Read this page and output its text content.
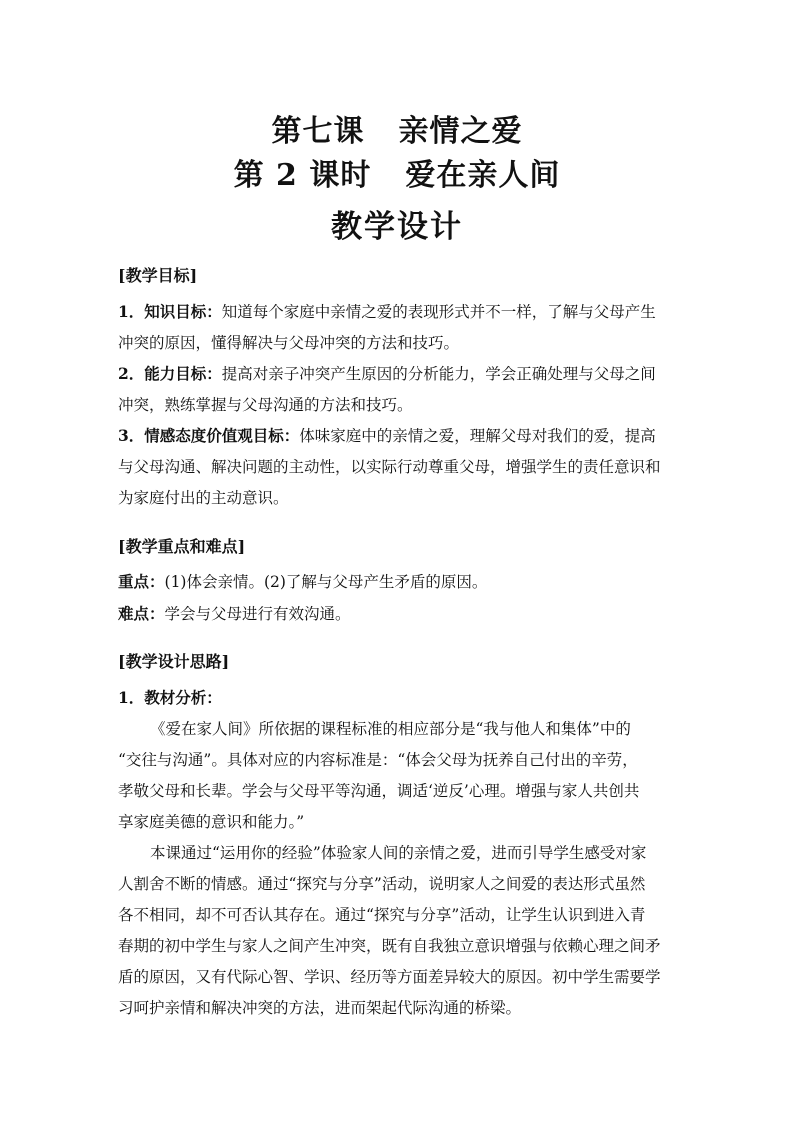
第七课 亲情之爱
第 2 课时 爱在亲人间
教学设计
[教学目标]
1．知识目标：知道每个家庭中亲情之爱的表现形式并不一样，了解与父母产生
冲突的原因，懂得解决与父母冲突的方法和技巧。
2．能力目标：提高对亲子冲突产生原因的分析能力，学会正确处理与父母之间
冲突，熟练掌握与父母沟通的方法和技巧。
3．情感态度价值观目标：体味家庭中的亲情之爱，理解父母对我们的爱，提高
与父母沟通、解决问题的主动性，以实际行动尊重父母，增强学生的责任意识和
为家庭付出的主动意识。
[教学重点和难点]
重点：(1)体会亲情。(2)了解与父母产生矛盾的原因。
难点：学会与父母进行有效沟通。
[教学设计思路]
1．教材分析：
《爱在家人间》所依据的课程标准的相应部分是“我与他人和集体”中的
“交往与沟通”。具体对应的内容标准是：“体会父母为抚养自己付出的辛劳，
孝敬父母和长辈。学会与父母平等沟通，调适‘逆反’心理。增强与家人共创共
享家庭美德的意识和能力。”
本课通过“运用你的经验”体验家人间的亲情之爱，进而引导学生感受对家
人割舍不断的情感。通过“探究与分享”活动，说明家人之间爱的表达形式虽然
各不相同，却不可否认其存在。通过“探究与分享”活动，让学生认识到进入青
春期的初中学生与家人之间产生冲突，既有自我独立意识增强与依赖心理之间矛
盾的原因，又有代际心智、学识、经历等方面差异较大的原因。初中学生需要学
习呵护亲情和解决冲突的方法，进而架起代际沟通的桥梁。
